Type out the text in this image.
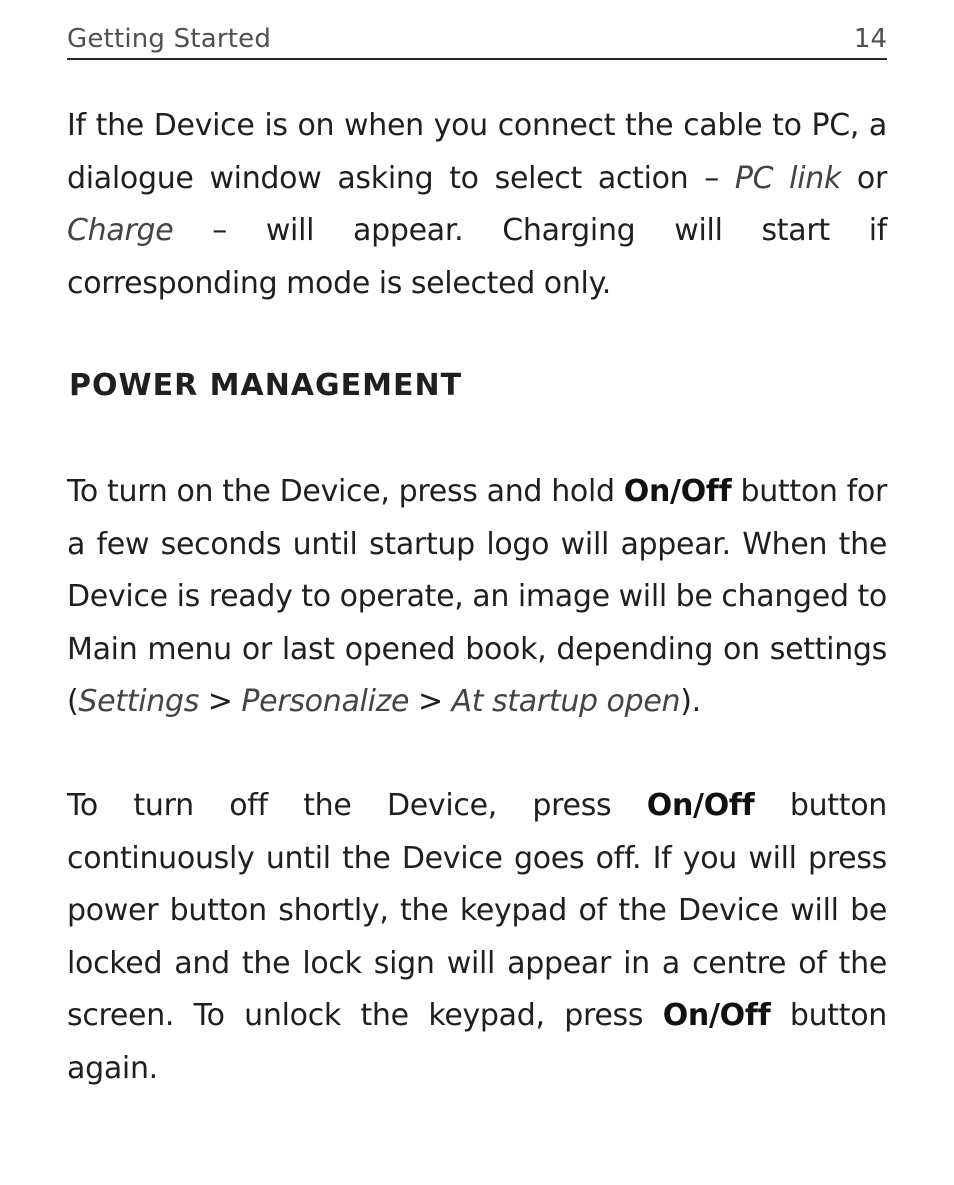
Getting Started	14

If the Device is on when you connect the cable to PC, a dialogue window asking to select action – PC link or Charge – will appear. Charging will start if corresponding mode is selected only.

POWER MANAGEMENT

To turn on the Device, press and hold On/Off button for a few seconds until startup logo will appear. When the Device is ready to operate, an image will be changed to Main menu or last opened book, depending on settings (Settings > Personalize > At startup open).

To turn off the Device, press On/Off button continuously until the Device goes off. If you will press power button shortly, the keypad of the Device will be locked and the lock sign will appear in a centre of the screen. To unlock the keypad, press On/Off button again.
